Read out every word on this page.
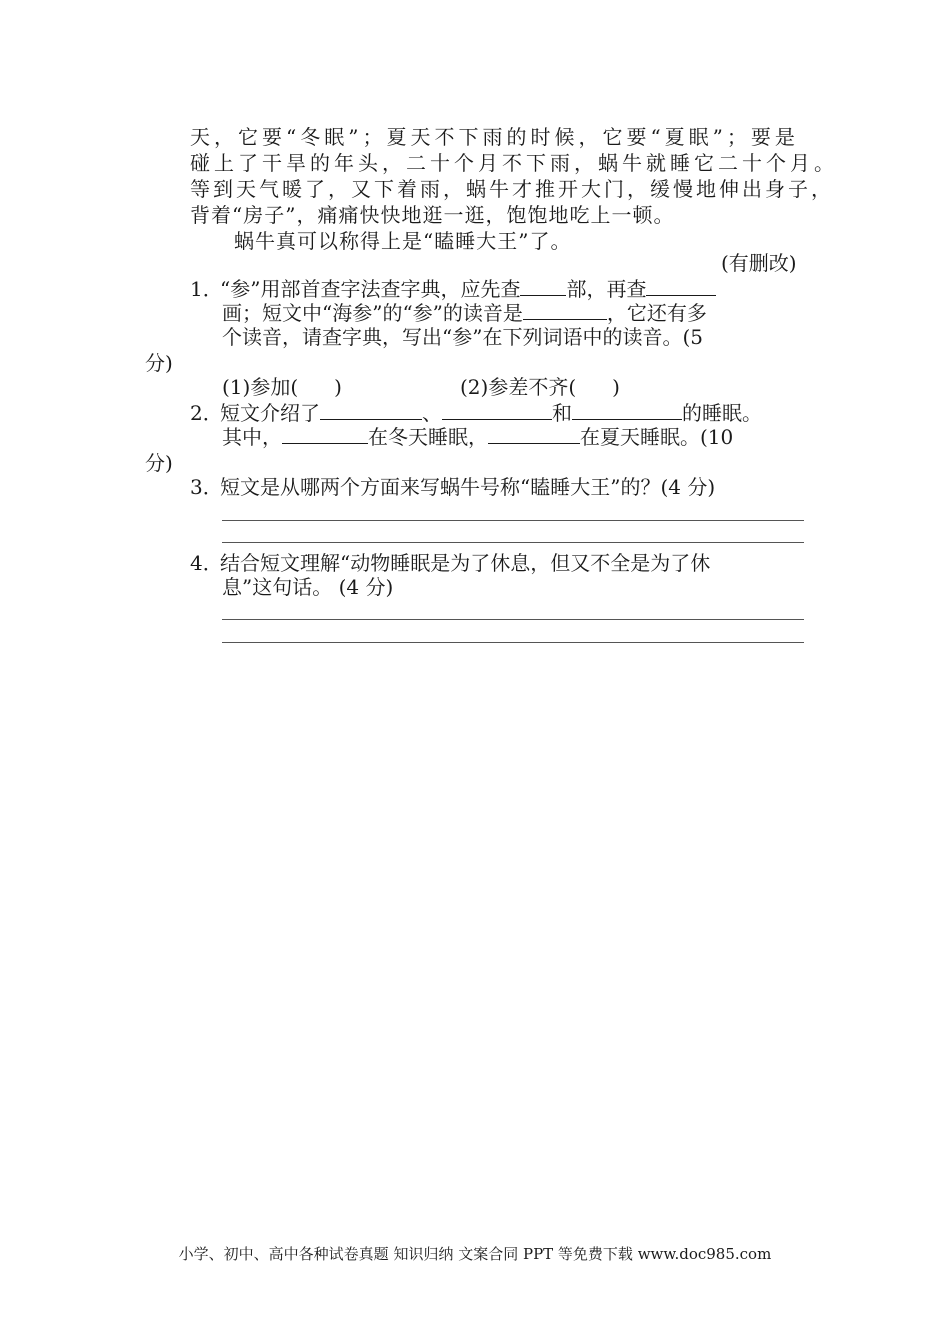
天，它要“冬眠”；夏天不下雨的时候，它要“夏眠”；要是
碰上了干旱的年头，二十个月不下雨，蜗牛就睡它二十个月。
等到天气暖了，又下着雨，蜗牛才推开大门，缓慢地伸出身子，
背着“房子”，痛痛快快地逛一逛，饱饱地吃上一顿。
蜗牛真可以称得上是“瞌睡大王”了。
(有删改)
1．“参”用部首查字法查字典，应先查 部，再查
画；短文中“海参”的“参”的读音是	，它还有多
个读音，请查字典，写出“参”在下列词语中的读音。(5
分)
(1)参加( )	(2)参差不齐( )
2．短文介绍了	、	和	的睡眠。
其中，	在冬天睡眠，	在夏天睡眠。(10
分)
3．短文是从哪两个方面来写蜗牛号称“瞌睡大王”的？(4 分)
4．结合短文理解“动物睡眠是为了休息，但又不全是为了休
息”这句话。 (4 分)
小学、初中、高中各种试卷真题 知识归纳 文案合同 PPT 等免费下载 www.doc985.com
